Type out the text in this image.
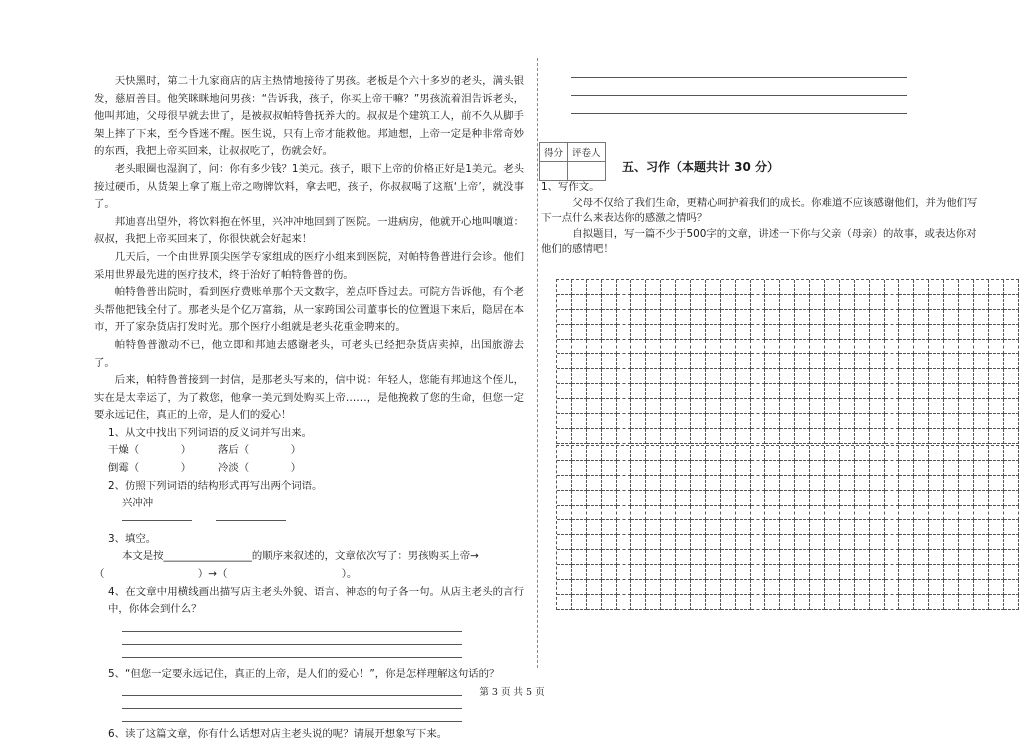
天快黑时，第二十九家商店的店主热情地接待了男孩。老板是个六十多岁的老头，满头银发，慈眉善目。他笑眯眯地问男孩：“告诉我，孩子，你买上帝干嘛？”男孩流着泪告诉老头，他叫邦迪，父母很早就去世了，是被叔叔帕特鲁抚养大的。叔叔是个建筑工人，前不久从脚手架上摔了下来，至今昏迷不醒。医生说，只有上帝才能救他。邦迪想，上帝一定是种非常奇妙的东西，我把上帝买回来，让叔叔吃了，伤就会好。

老头眼圈也湿润了，问：你有多少钱？1美元。孩子，眼下上帝的价格正好是1美元。老头接过硬币，从货架上拿了瓶上帝之吻牌饮料，拿去吧，孩子，你叔叔喝了这瓶‘上帝’，就没事了。

邦迪喜出望外，将饮料抱在怀里，兴冲冲地回到了医院。一进病房，他就开心地叫嚷道：叔叔，我把上帝买回来了，你很快就会好起来！

几天后，一个由世界顶尖医学专家组成的医疗小组来到医院，对帕特鲁普进行会诊。他们采用世界最先进的医疗技术，终于治好了帕特鲁普的伤。

帕特鲁普出院时，看到医疗费账单那个天文数字，差点吓昏过去。可院方告诉他，有个老头帮他把钱全付了。那老头是个亿万富翁，从一家跨国公司董事长的位置退下来后，隐居在本市，开了家杂货店打发时光。那个医疗小组就是老头花重金聘来的。

帕特鲁普激动不已，他立即和邦迪去感谢老头，可老头已经把杂货店卖掉，出国旅游去了。

后来，帕特鲁普接到一封信，是那老头写来的，信中说：年轻人，您能有邦迪这个侄儿，实在是太幸运了，为了救您，他拿一美元到处购买上帝……，是他挽救了您的生命，但您一定要永远记住，真正的上帝，是人们的爱心！

1、从文中找出下列词语的反义词并写出来。

干燥（　　　　）	落后（　　　　）
倒霉（　　　　）	冷淡（　　　　）

2、仿照下列词语的结构形式再写出两个词语。

兴冲冲

3、填空。

本文是按_________________的顺序来叙述的，文章依次写了：男孩购买上帝→

（　　　　　　　　　）→（　　　　　　　　　　　）。

4、在文章中用横线画出描写店主老头外貌、语言、神态的句子各一句。从店主老头的言行中，你体会到什么？

5、“但您一定要永远记住，真正的上帝，是人们的爱心！”，你是怎样理解这句话的？

6、读了这篇文章，你有什么话想对店主老头说的呢？请展开想象写下来。

得分	评卷人

五、习作（本题共计 30 分）

1、写作文。

父母不仅给了我们生命，更精心呵护着我们的成长。你难道不应该感谢他们，并为他们写下一点什么来表达你的感激之情吗？

自拟题目，写一篇不少于500字的文章，讲述一下你与父亲（母亲）的故事，或表达你对他们的感情吧！

第 3 页 共 5 页
